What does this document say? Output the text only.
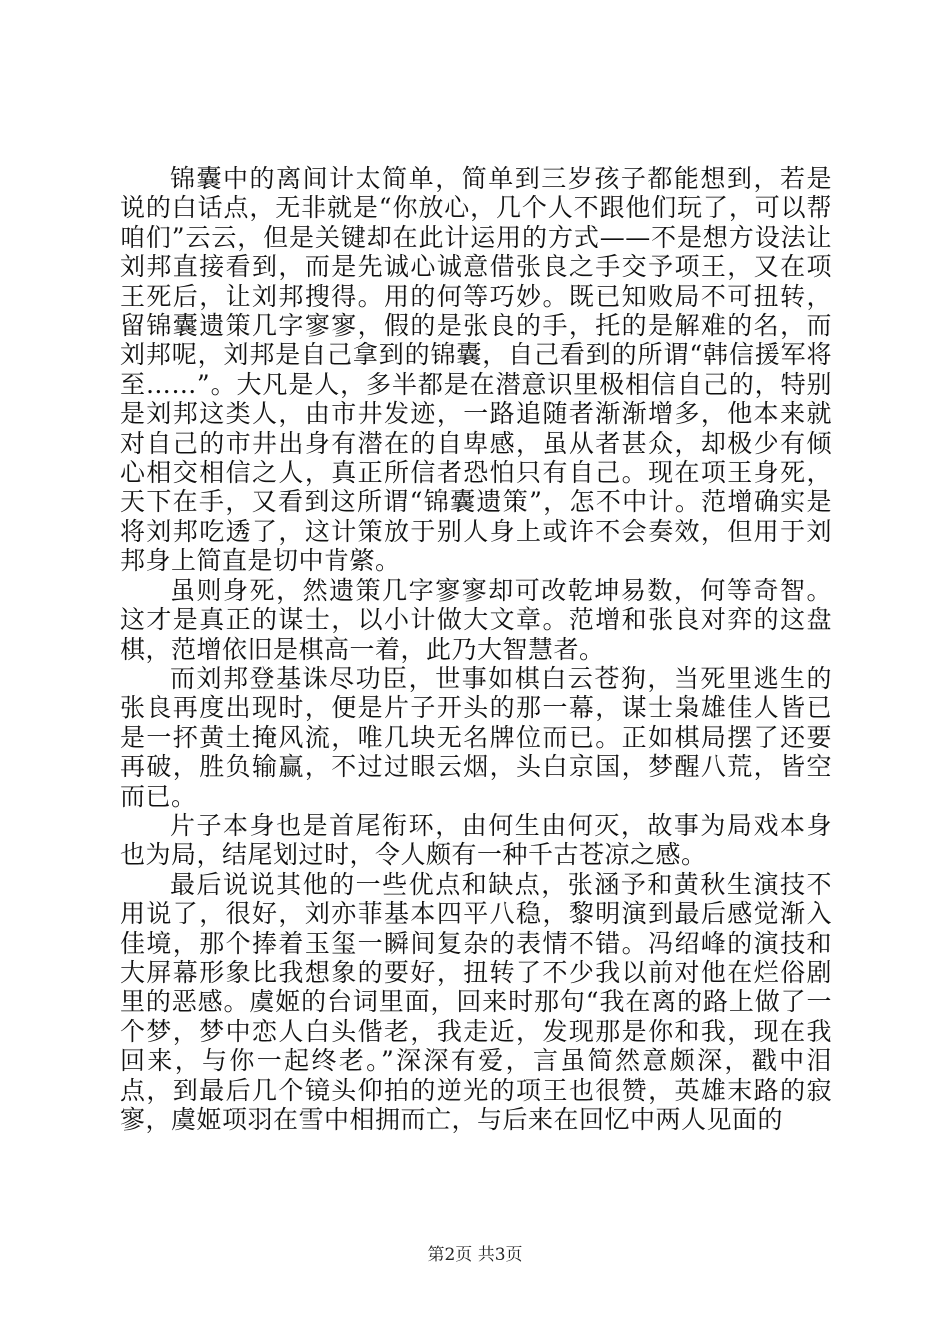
锦囊中的离间计太简单，简单到三岁孩子都能想到，若是说的白话点，无非就是“你放心，几个人不跟他们玩了，可以帮咱们”云云，但是关键却在此计运用的方式——不是想方设法让刘邦直接看到，而是先诚心诚意借张良之手交予项王，又在项王死后，让刘邦搜得。用的何等巧妙。既已知败局不可扭转，留锦囊遗策几字寥寥，假的是张良的手，托的是解难的名，而刘邦呢，刘邦是自己拿到的锦囊，自己看到的所谓“韩信援军将至……”。大凡是人，多半都是在潜意识里极相信自己的，特别是刘邦这类人，由市井发迹，一路追随者渐渐增多，他本来就对自己的市井出身有潜在的自卑感，虽从者甚众，却极少有倾心相交相信之人，真正所信者恐怕只有自己。现在项王身死，天下在手，又看到这所谓“锦囊遗策”，怎不中计。范增确实是将刘邦吃透了，这计策放于别人身上或许不会奏效，但用于刘邦身上简直是切中肯綮。

虽则身死，然遗策几字寥寥却可改乾坤易数，何等奇智。这才是真正的谋士，以小计做大文章。范增和张良对弈的这盘棋，范增依旧是棋高一着，此乃大智慧者。

而刘邦登基诛尽功臣，世事如棋白云苍狗，当死里逃生的张良再度出现时，便是片子开头的那一幕，谋士枭雄佳人皆已是一抔黄土掩风流，唯几块无名牌位而已。正如棋局摆了还要再破，胜负输赢，不过过眼云烟，头白京国，梦醒八荒，皆空而已。

片子本身也是首尾衔环，由何生由何灭，故事为局戏本身也为局，结尾划过时，令人颇有一种千古苍凉之感。

最后说说其他的一些优点和缺点，张涵予和黄秋生演技不用说了，很好，刘亦菲基本四平八稳，黎明演到最后感觉渐入佳境，那个捧着玉玺一瞬间复杂的表情不错。冯绍峰的演技和大屏幕形象比我想象的要好，扭转了不少我以前对他在烂俗剧里的恶感。虞姬的台词里面，回来时那句“我在离的路上做了一个梦，梦中恋人白头偕老，我走近，发现那是你和我，现在我回来，与你一起终老。”深深有爱，言虽简然意颇深，戳中泪点，到最后几个镜头仰拍的逆光的项王也很赞，英雄末路的寂寥，虞姬项羽在雪中相拥而亡，与后来在回忆中两人见面的

第2页 共3页
